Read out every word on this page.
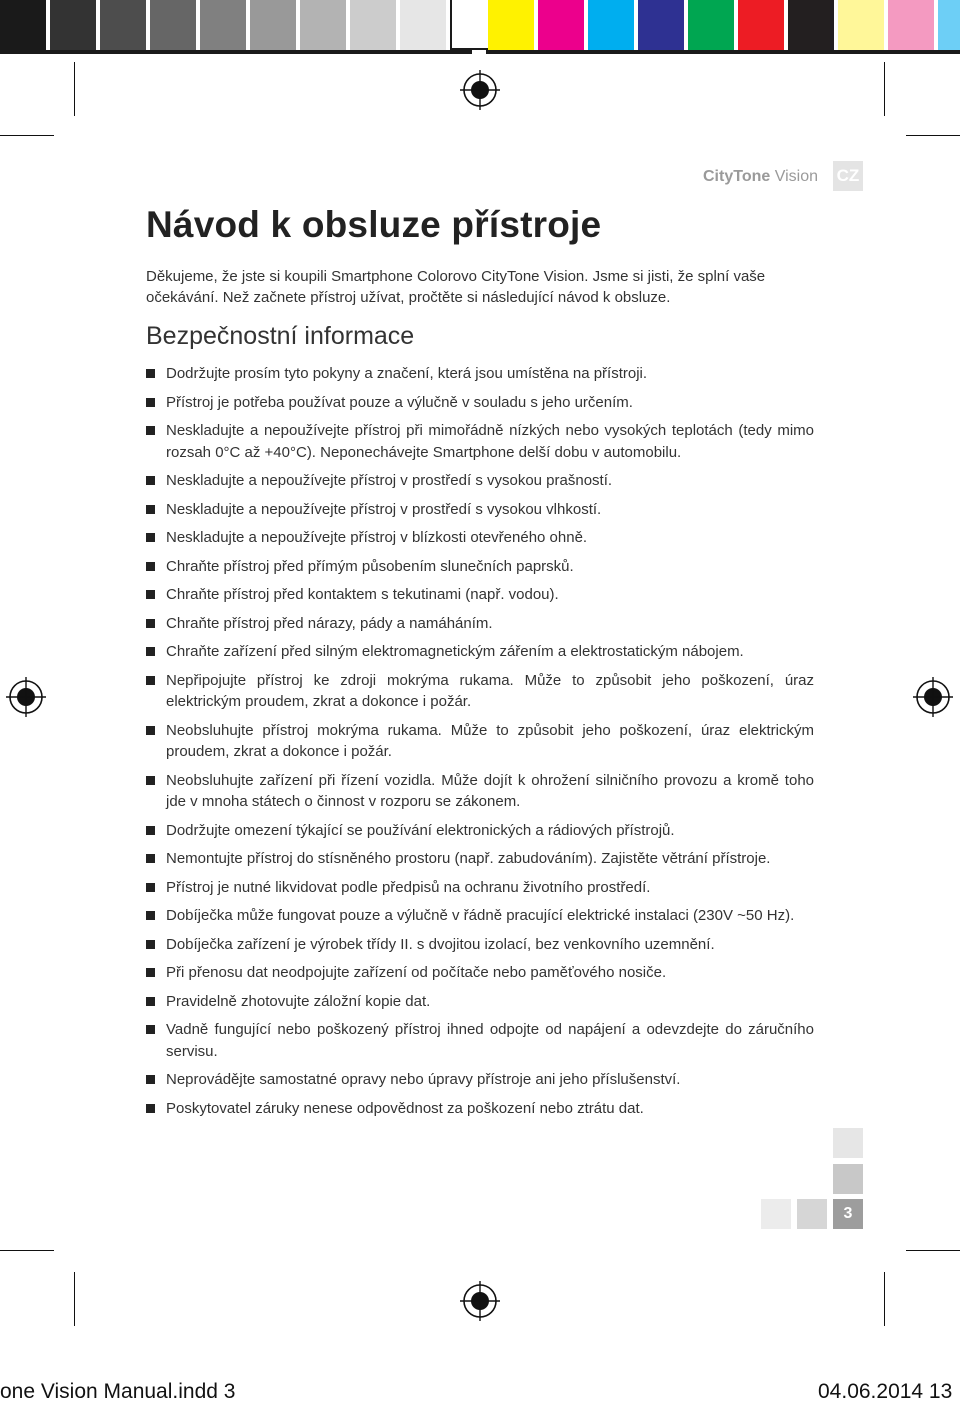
CityTone Vision CZ
Návod k obsluze přístroje

Děkujeme, že jste si koupili Smartphone Colorovo CityTone Vision. Jsme si jisti, že splní vaše očekávání. Než začnete přístroj užívat, pročtěte si následující návod k obsluze.

Bezpečnostní informace
Dodržujte prosím tyto pokyny a značení, která jsou umístěna na přístroji.
Přístroj je potřeba používat pouze a výlučně v souladu s jeho určením.
Neskladujte a nepoužívejte přístroj při mimořádně nízkých nebo vysokých teplotách (tedy mimo rozsah 0°C až +40°C). Neponechávejte Smartphone delší dobu v automobilu.
Neskladujte a nepoužívejte přístroj v prostředí s vysokou prašností.
Neskladujte a nepoužívejte přístroj v prostředí s vysokou vlhkostí.
Neskladujte a nepoužívejte přístroj v blízkosti otevřeného ohně.
Chraňte přístroj před přímým působením slunečních paprsků.
Chraňte přístroj před kontaktem s tekutinami (např. vodou).
Chraňte přístroj před nárazy, pády a namáháním.
Chraňte zařízení před silným elektromagnetickým zářením a elektrostatickým nábojem.
Nepřipojujte přístroj ke zdroji mokrýma rukama. Může to způsobit jeho poškození, úraz elektrickým proudem, zkrat a dokonce i požár.
Neobsluhujte přístroj mokrýma rukama. Může to způsobit jeho poškození, úraz elektrickým proudem, zkrat a dokonce i požár.
Neobsluhujte zařízení při řízení vozidla. Může dojít k ohrožení silničního provozu a kromě toho jde v mnoha státech o činnost v rozporu se zákonem.
Dodržujte omezení týkající se používání elektronických a rádiových přístrojů.
Nemontujte přístroj do stísněného prostoru (např. zabudováním). Zajistěte větrání přístroje.
Přístroj je nutné likvidovat podle předpisů na ochranu životního prostředí.
Dobíječka může fungovat pouze a výlučně v řádně pracující elektrické instalaci (230V ~50 Hz).
Dobíječka zařízení je výrobek třídy II. s dvojitou izolací, bez venkovního uzemnění.
Při přenosu dat neodpojujte zařízení od počítače nebo paměťového nosiče.
Pravidelně zhotovujte záložní kopie dat.
Vadně fungující nebo poškozený přístroj ihned odpojte od napájení a odevzdejte do záručního servisu.
Neprovádějte samostatné opravy nebo úpravy přístroje ani jeho příslušenství.
Poskytovatel záruky nenese odpovědnost za poškození nebo ztrátu dat.
3
one Vision Manual.indd 3	04.06.2014 13
